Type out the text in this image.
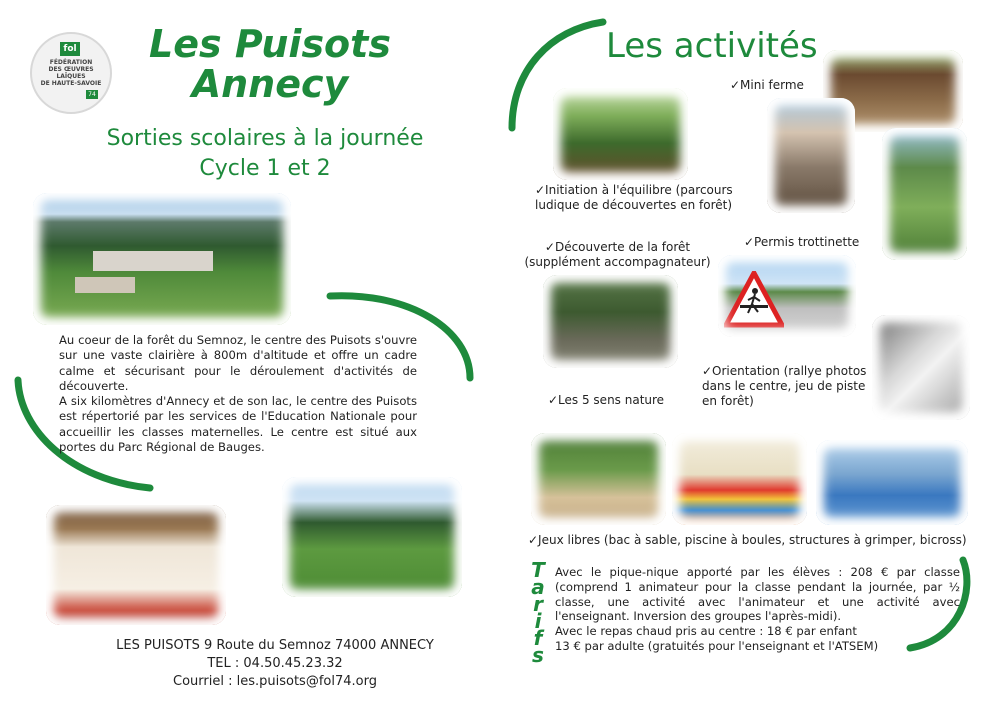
fol
FÉDÉRATION
DES ŒUVRES
LAÏQUES
DE HAUTE-SAVOIE
74
Les Puisots
Annecy
Sorties scolaires à la journée
Cycle 1 et 2
Au coeur de la forêt du Semnoz, le centre des Puisots s'ouvre sur une vaste clairière à 800m d'altitude et offre un cadre calme et sécurisant pour le déroulement d'activités de découverte.
A six kilomètres d'Annecy et de son lac, le centre des Puisots est répertorié par les services de l'Education Nationale pour accueillir les classes maternelles. Le centre est situé aux portes du Parc Régional de Bauges.
LES PUISOTS 9 Route du Semnoz 74000 ANNECY
TEL : 04.50.45.23.32
Courriel : les.puisots@fol74.org
Les activités
✓Mini ferme
✓Initiation à l'équilibre (parcours ludique de découvertes en forêt)
✓Découverte de la forêt (supplément accompagnateur)
✓Permis trottinette
✓Les 5 sens nature
✓Orientation (rallye photos dans le centre, jeu de piste en forêt)
✓Jeux libres (bac à sable, piscine à boules, structures à grimper, bicross)
T
a
r
i
f
s
Avec le pique-nique apporté par les élèves : 208 € par classe (comprend 1 animateur pour la classe pendant la journée, par ½ classe, une activité avec l'animateur et une activité avec l'enseignant. Inversion des groupes l'après-midi).
Avec le repas chaud pris au centre : 18 € par enfant
13 € par adulte (gratuités pour l'enseignant et l'ATSEM)
